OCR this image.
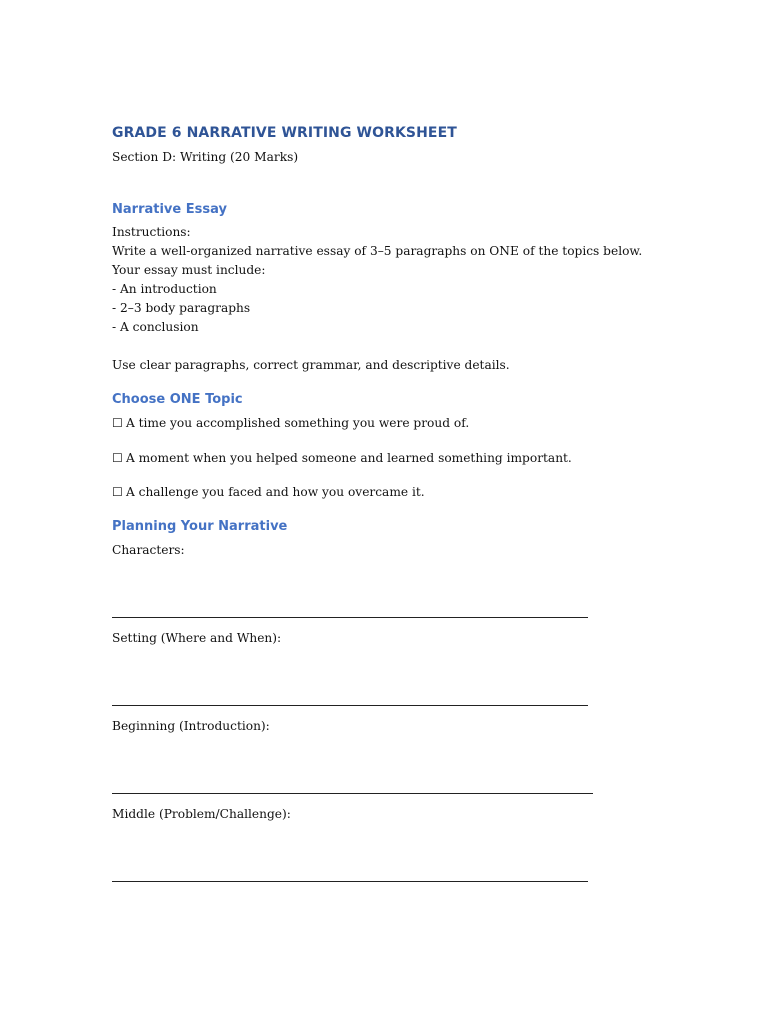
GRADE 6 NARRATIVE WRITING WORKSHEET
Section D: Writing (20 Marks)
Narrative Essay
Instructions:
Write a well-organized narrative essay of 3–5 paragraphs on ONE of the topics below.
Your essay must include:
- An introduction
- 2–3 body paragraphs
- A conclusion
Use clear paragraphs, correct grammar, and descriptive details.
Choose ONE Topic
☐ A time you accomplished something you were proud of.
☐ A moment when you helped someone and learned something important.
☐ A challenge you faced and how you overcame it.
Planning Your Narrative
Characters:
Setting (Where and When):
Beginning (Introduction):
Middle (Problem/Challenge):
